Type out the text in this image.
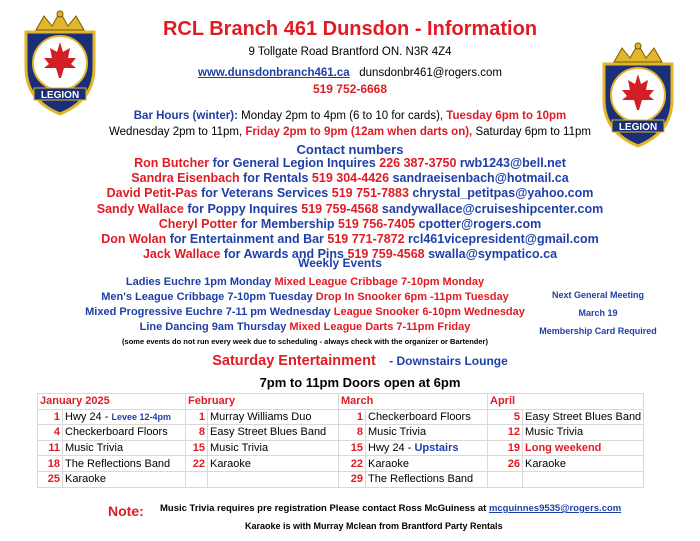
LEGION
LEGION
RCL Branch 461 Dunsdon - Information
9 Tollgate Road Brantford ON. N3R 4Z4
www.dunsdonbranch461.ca dunsdonbr461@rogers.com
519 752-6668
Bar Hours (winter): Monday 2pm to 4pm (6 to 10 for cards), Tuesday 6pm to 10pm
Wednesday 2pm to 11pm, Friday 2pm to 9pm (12am when darts on), Saturday 6pm to 11pm
Contact numbers
Ron Butcher for General Legion Inquires 226 387-3750 rwb1243@bell.net
Sandra Eisenbach for Rentals 519 304-4426 sandraeisenbach@hotmail.ca
David Petit-Pas for Veterans Services 519 751-7883 chrystal_petitpas@yahoo.com
Sandy Wallace for Poppy Inquires 519 759-4568 sandywallace@cruiseshipcenter.com
Cheryl Potter for Membership 519 756-7405 cpotter@rogers.com
Don Wolan for Entertainment and Bar 519 771-7872 rcl461vicepresident@gmail.com
Jack Wallace for Awards and Pins 519 759-4568 swalla@sympatico.ca
Weekly Events
Ladies Euchre 1pm Monday Mixed League Cribbage 7-10pm Monday
Men's League Cribbage 7-10pm Tuesday Drop In Snooker 6pm -11pm Tuesday
Mixed Progressive Euchre 7-11 pm Wednesday League Snooker 6-10pm Wednesday
Line Dancing 9am Thursday Mixed League Darts 7-11pm Friday
(some events do not run every week due to scheduling - always check with the organizer or Bartender)
Next General Meeting
March 19
Membership Card Required
Saturday Entertainment - Downstairs Lounge
7pm to 11pm Doors open at 6pm
January 2025		February		March		April	
1	Hwy 24 - Levee 12-4pm	1	Murray Williams Duo	1	Checkerboard Floors	5	Easy Street Blues Band
4	Checkerboard Floors	8	Easy Street Blues Band	8	Music Trivia	12	Music Trivia
11	Music Trivia	15	Music Trivia	15	Hwy 24 - Upstairs	19	Long weekend
18	The Reflections Band	22	Karaoke	22	Karaoke	26	Karaoke
25	Karaoke			29	The Reflections Band		
Note: Music Trivia requires pre registration Please contact Ross McGuiness at mcguinnes9535@rogers.com
Karaoke is with Murray Mclean from Brantford Party Rentals
